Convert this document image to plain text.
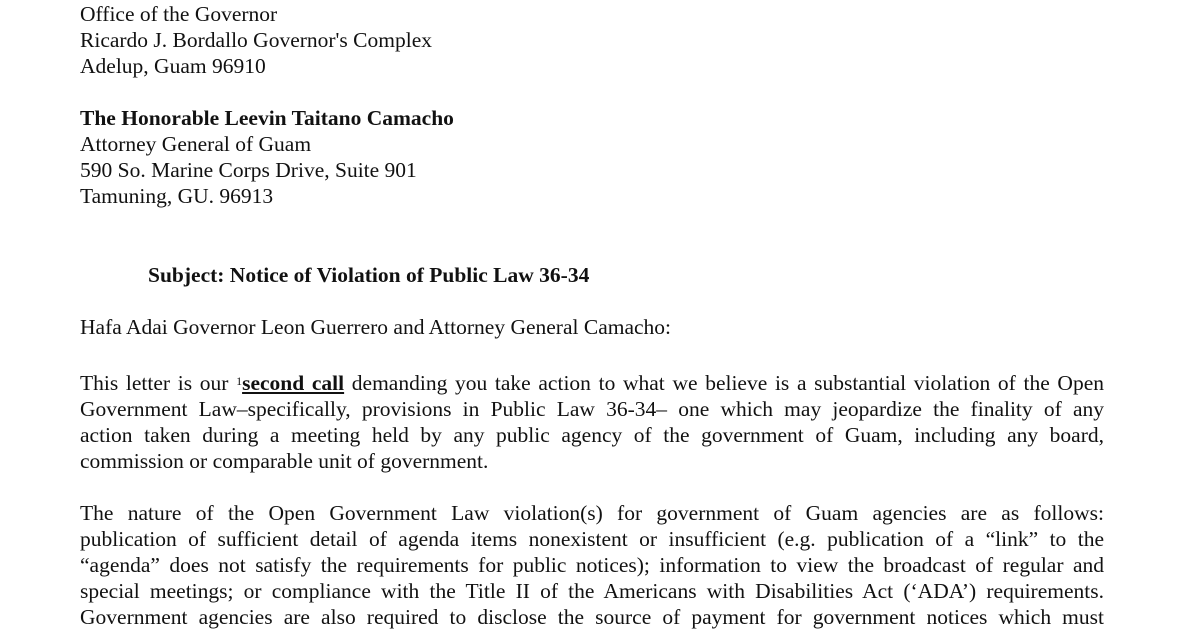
Office of the Governor
Ricardo J. Bordallo Governor's Complex
Adelup, Guam 96910
The Honorable Leevin Taitano Camacho
Attorney General of Guam
590 So. Marine Corps Drive, Suite 901
Tamuning, GU. 96913
Subject: Notice of Violation of Public Law 36-34
Hafa Adai Governor Leon Guerrero and Attorney General Camacho:
This letter is our $^1$second call demanding you take action to what we believe is a substantial violation of the Open
Government Law–specifically, provisions in Public Law 36-34– one which may jeopardize the finality of any
action taken during a meeting held by any public agency of the government of Guam, including any board,
commission or comparable unit of government.
The nature of the Open Government Law violation(s) for government of Guam agencies are as follows:
publication of sufficient detail of agenda items nonexistent or insufficient (e.g. publication of a “link” to the
“agenda” does not satisfy the requirements for public notices); information to view the broadcast of regular and
special meetings; or compliance with the Title II of the Americans with Disabilities Act (‘ADA’) requirements.
Government agencies are also required to disclose the source of payment for government notices which must
